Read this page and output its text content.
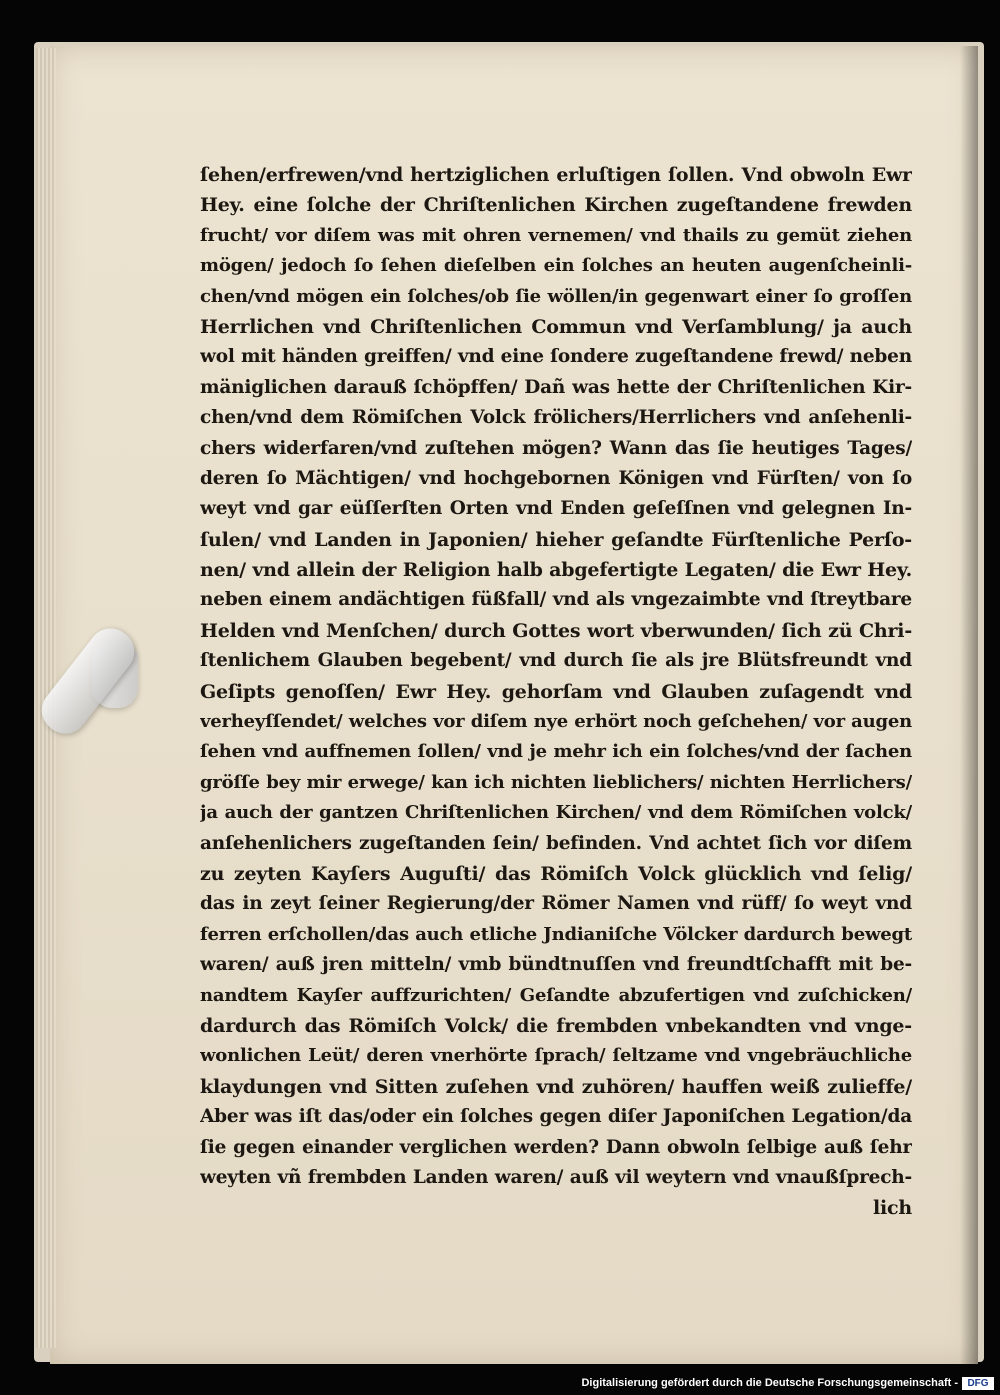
ſehen/erfrewen/vnd hertziglichen erluſtigen ſollen. Vnd obwoln Ewr
Hey. eine ſolche der Chriſtenlichen Kirchen zugeſtandene frewden
frucht/ vor diſem was mit ohren vernemen/ vnd thails zu gemüt ziehen
mögen/ jedoch ſo ſehen dieſelben ein ſolches an heuten augenſcheinli-
chen/vnd mögen ein ſolches/ob ſie wöllen/in gegenwart einer ſo groſſen
Herrlichen vnd Chriſtenlichen Commun vnd Verſamblung/ ja auch
wol mit händen greiffen/ vnd eine ſondere zugeſtandene frewd/ neben
mäniglichen darauß ſchöpffen/ Dañ was hette der Chriſtenlichen Kir-
chen/vnd dem Römiſchen Volck frölichers/Herrlichers vnd anſehenli-
chers widerfaren/vnd zuſtehen mögen? Wann das ſie heutiges Tages/
deren ſo Mächtigen/ vnd hochgebornen Königen vnd Fürſten/ von ſo
weyt vnd gar eüſſerſten Orten vnd Enden geſeſſnen vnd gelegnen In-
ſulen/ vnd Landen in Japonien/ hieher geſandte Fürſtenliche Perſo-
nen/ vnd allein der Religion halb abgefertigte Legaten/ die Ewr Hey.
neben einem andächtigen füßfall/ vnd als vngezaimbte vnd ſtreytbare
Helden vnd Menſchen/ durch Gottes wort vberwunden/ ſich zü Chri-
ſtenlichem Glauben begebent/ vnd durch ſie als jre Blütsfreundt vnd
Geſipts genoſſen/ Ewr Hey. gehorſam vnd Glauben zuſagendt vnd
verheyſſendet/ welches vor diſem nye erhört noch geſchehen/ vor augen
ſehen vnd auffnemen ſollen/ vnd je mehr ich ein ſolches/vnd der ſachen
gröſſe bey mir erwege/ kan ich nichten lieblichers/ nichten Herrlichers/
ja auch der gantzen Chriſtenlichen Kirchen/ vnd dem Römiſchen volck/
anſehenlichers zugeſtanden ſein/ befinden. Vnd achtet ſich vor diſem
zu zeyten Kayſers Auguſti/ das Römiſch Volck glücklich vnd ſelig/
das in zeyt ſeiner Regierung/der Römer Namen vnd rüff/ ſo weyt vnd
ferren erſchollen/das auch etliche Jndianiſche Völcker dardurch bewegt
waren/ auß jren mitteln/ vmb bündtnuſſen vnd freundtſchafft mit be-
nandtem Kayſer auffzurichten/ Geſandte abzufertigen vnd zuſchicken/
dardurch das Römiſch Volck/ die frembden vnbekandten vnd vnge-
wonlichen Leüt/ deren vnerhörte ſprach/ ſeltzame vnd vngebräuchliche
klaydungen vnd Sitten zuſehen vnd zuhören/ hauffen weiß zulieffe/
Aber was iſt das/oder ein ſolches gegen diſer Japoniſchen Legation/da
ſie gegen einander verglichen werden? Dann obwoln ſelbige auß ſehr
weyten vñ frembden Landen waren/ auß vil weytern vnd vnaußſprech-
lich
Digitalisierung gefördert durch die Deutsche Forschungsgemeinschaft - DFG
